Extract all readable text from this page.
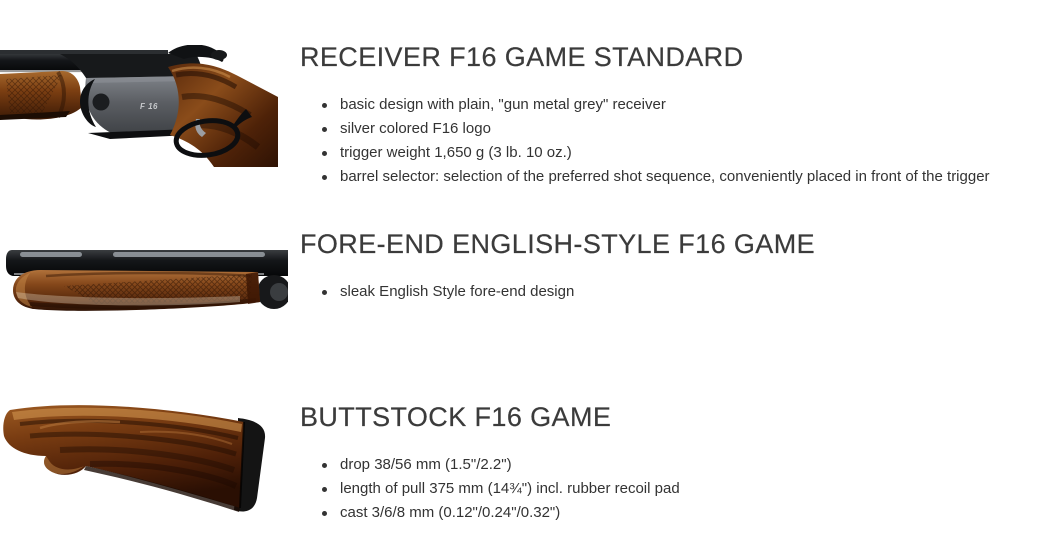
F 16
RECEIVER F16 GAME STANDARD
basic design with plain, "gun metal grey" receiver
silver colored F16 logo
trigger weight 1,650 g (3 lb. 10 oz.)
barrel selector: selection of the preferred shot sequence, conveniently placed in front of the trigger
FORE-END ENGLISH-STYLE F16 GAME
sleak English Style fore-end design
BUTTSTOCK F16 GAME
drop 38/56 mm (1.5"/2.2")
length of pull 375 mm (14¾") incl. rubber recoil pad
cast 3/6/8 mm (0.12"/0.24"/0.32")
